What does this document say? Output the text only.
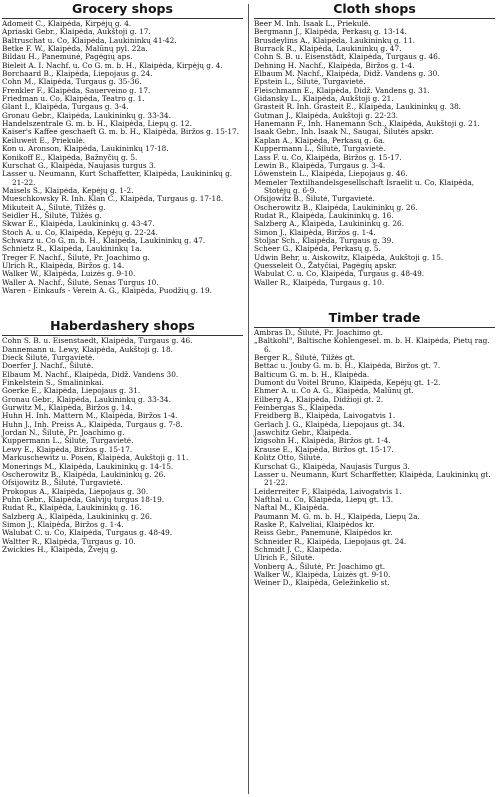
Grocery shops
Adomeit C., Klaipėda, Kirpėjų g. 4.
Apriaski Gebr., Klaipėda, Aukštoji g. 17.
Baltruschat u. Co, Klaipėda, Laukininkų 41-42.
Betke F. W., Klaipėda, Malūnų pyl. 22a.
Bildau H., Panemunė, Pagėgių aps.
Bieleit A. I. Nachf. u. Co G. m. b. H., Klaipėda, Kirpėjų g. 4.
Borchaard B., Klaipėda, Liepojaus g. 24.
Cohn M., Klaipėda, Turgaus g. 35-36.
Frenkler F., Klaipėda, Sauerveino g. 17.
Friedman u. Co, Klaipėda, Teatro g. 1.
Glant I., Klaipėda, Turgaus g. 3-4.
Gronau Gebr., Klaipėda, Laukininkų g. 33-34.
Handelszentrale G. m. b. H., Klaipėda, Liepų g. 12.
Kaiser's Kaffee geschaeft G. m. b. H., Klaipėda, Biržos g. 15-17.
Keiluweit E., Priekulė.
Kon u. Aronson, Klaipėda, Laukininkų 17-18.
Konikoff E., Klaipėda, Bažnyčių g. 5.
Kurschat G., Klaipėda, Naujasis turgus 3.
Lasser u. Neumann, Kurt Schaffetter, Klaipėda, Laukininkų g. 21-22.
Maisels S., Klaipėda, Kepėjų g. 1-2.
Mueschkowsky R. Inh. Klan C., Klaipėda, Turgaus g. 17-18.
Mikuteit A., Šilutė, Tilžės g.
Seidler H., Šilutė, Tilžės g.
Skwar E., Klaipėda, Laukininkų g. 43-47.
Stoch A. u. Co, Klaipėda, Kepėjų g. 22-24.
Schwarz u. Co G. m. b. H., Klaipėda, Laukininkų g. 47.
Schnietz R., Klaipėda, Laukininkų 1a.
Treger F. Nachf., Šilutė, Pr. Joachimo g.
Ulrich R., Klaipėda, Biržos g. 14.
Walker W., Klaipėda, Luizės g. 9-10.
Waller A. Nachf., Šilutė, Senas Turgus 10.
Waren - Einkaufs - Verein A. G., Klaipėda, Puodžių g. 19.
Haberdashery shops
Cohn S. B. u. Eisenstaedt, Klaipėda, Turgaus g. 46.
Dannemann u. Lewy, Klaipėda, Aukštoji g. 18.
Dieck Šilutė, Turgavietė.
Doerfer J. Nachf., Šilutė.
Elbaum M. Nachf., Klaipėda, Didž. Vandens 30.
Finkelstein S., Smalininkai.
Goerke E., Klaipėda, Liepojaus g. 31.
Gronau Gebr., Klaipėda, Laukininkų g. 33-34.
Gurwitz M., Klaipėda, Biržos g. 14.
Huhn H. Inh. Mattern M., Klaipėda, Biržos 1-4.
Huhn J., Inh. Preiss A., Klaipėda, Turgaus g. 7-8.
Jordan N., Šilutė, Pr. Joachimo g.
Kuppermann L., Šilutė, Turgavietė.
Lewy E., Klaipėda, Biržos g. 15-17.
Markuschewitz u. Posen, Klaipėda, Aukštoji g. 11.
Monerings M., Klaipėda, Laukininkų g. 14-15.
Oscherowitz B., Klaipėda, Laukininkų g. 26.
Ofsijowitz B., Šilutė, Turgavietė.
Prokopus A., Klaipėda, Liepojaus g. 30.
Puhn Gebr., Klaipėda, Galvijų turgus 18-19.
Rudat R., Klaipėda, Laukininkų g. 16.
Salzberg A., Klaipėda, Laukininkų g. 26.
Simon J., Klaipėda, Biržos g. 1-4.
Walubat C. u. Co, Klaipėda, Turgaus g. 48-49.
Waltter R., Klaipėda, Turgaus g. 10.
Zwickies H., Klaipėda, Žvejų g.
Cloth shops
Beer M. Inh. Isaak L., Priekulė.
Bergmann J., Klaipėda, Perkasų g. 13-14.
Brusdeylins A., Klaipėda, Laukininkų g. 11.
Burrack R., Klaipėda, Laukininkų g. 47.
Cohn S. B. u. Eisenstädt, Klaipėda, Turgaus g. 46.
Dehning H. Nachf., Klaipėda, Biržos g. 1-4.
Elbaum M. Nachf., Klaipėda, Didž. Vandens g. 30.
Epstein L., Šilutė, Turgavietė.
Fleischmann E., Klaipėda, Didž. Vandens g. 31.
Gidansky L., Klaipėda, Aukštoji g. 21.
Grasteit R. Inh. Grasteit E., Klaipėda, Laukininkų g. 38.
Gutman J., Klaipėda, Aukštoji g. 22-23.
Hanemann F., Inh. Hanemann Sch., Klaipėda, Aukštoji g. 21.
Isaak Gebr., Inh. Isaak N., Saugai, Šilutės apskr.
Kaplan A., Klaipėda, Perkasų g. 6a.
Kuppermann L., Šilutė, Turgavietė.
Lass F. u. Co, Klaipėda, Biržos g. 15-17.
Lewin B., Klaipėda, Turgaus g. 3-4.
Löwenstein L., Klaipėda, Liepojaus g. 46.
Memeler Textilhandelsgesellschaft Israelit u. Co, Klaipėda, Stotėjų g. 6-9.
Ofsijowitz B., Šilutė, Turgavietė.
Oscherowitz B., Klaipėda, Laukininkų g. 26.
Rudat R., Klaipėda, Laukininkų g. 16.
Salzberg A., Klaipėda, Laukininkų g. 26.
Simon J., Klaipėda, Biržos g. 1-4.
Stoljar Sch., Klaipėda, Turgaus g. 39.
Scheer G., Klaipėda, Perkasų g. 5.
Udwin Behr, u. Aiskowitz, Klaipėda, Aukštoji g. 15.
Quesseleit O., Žatyčiai, Pagėgių apskr.
Wabulat C. u. Co, Klaipėda, Turgaus g. 48-49.
Waller R., Klaipėda, Turgaus g. 10.
Timber trade
Ambras D., Šilutė, Pr. Joachimo gt.
„Baltkohl", Baltische Kohlengesel. m. b. H. Klaipėda, Pietų rag. 6.
Berger R., Šilutė, Tilžės gt.
Bettac u. Jouby G. m. b. H., Klaipėda, Biržos gt. 7.
Balticum G. m. b. H., Klaipėda.
Dumont du Voitel Bruno, Klaipėda, Kepėjų gt. 1-2.
Ehmer A. u. Co A. G., Klaipėda, Malūnų gt.
Eilberg A., Klaipėda, Didžioji gt. 2.
Feinbergas S., Klaipėda.
Freidberg B., Klaipėda, Laivogatvis 1.
Gerlach J. G., Klaipėda, Liepojaus gt. 34.
Jaswchitz Gebr., Klaipėda.
Izigsohn H., Klaipėda, Biržos gt. 1-4.
Krause E., Klaipėda, Biržos gt. 15-17.
Kolitz Otto, Šilutė.
Kurschat G., Klaipėda, Naujasis Turgus 3.
Lasser u. Neumann, Kurt Scharffetter, Klaipėda, Laukininkų gt. 21-22.
Leiderreiter F., Klaipėda, Laivogatvis 1.
Nafthal u. Co, Klaipėda, Liepų gt. 13.
Naftal M., Klaipėda.
Paumann M. G. m. b. H., Klaipėda, Liepų 2a.
Raske P., Kalveliai, Klaipėdos kr.
Reiss Gebr., Panemunė, Klaipėdos kr.
Schneider R., Klaipėda, Liepojaus gt. 24.
Schmidt J. C., Klaipėda.
Ulrich F., Šilutė.
Vonberg A., Šilutė, Pr. Joachimo gt.
Walker W., Klaipėda, Luizės gt. 9-10.
Weiner D., Klaipėda, Geležinkelio st.
